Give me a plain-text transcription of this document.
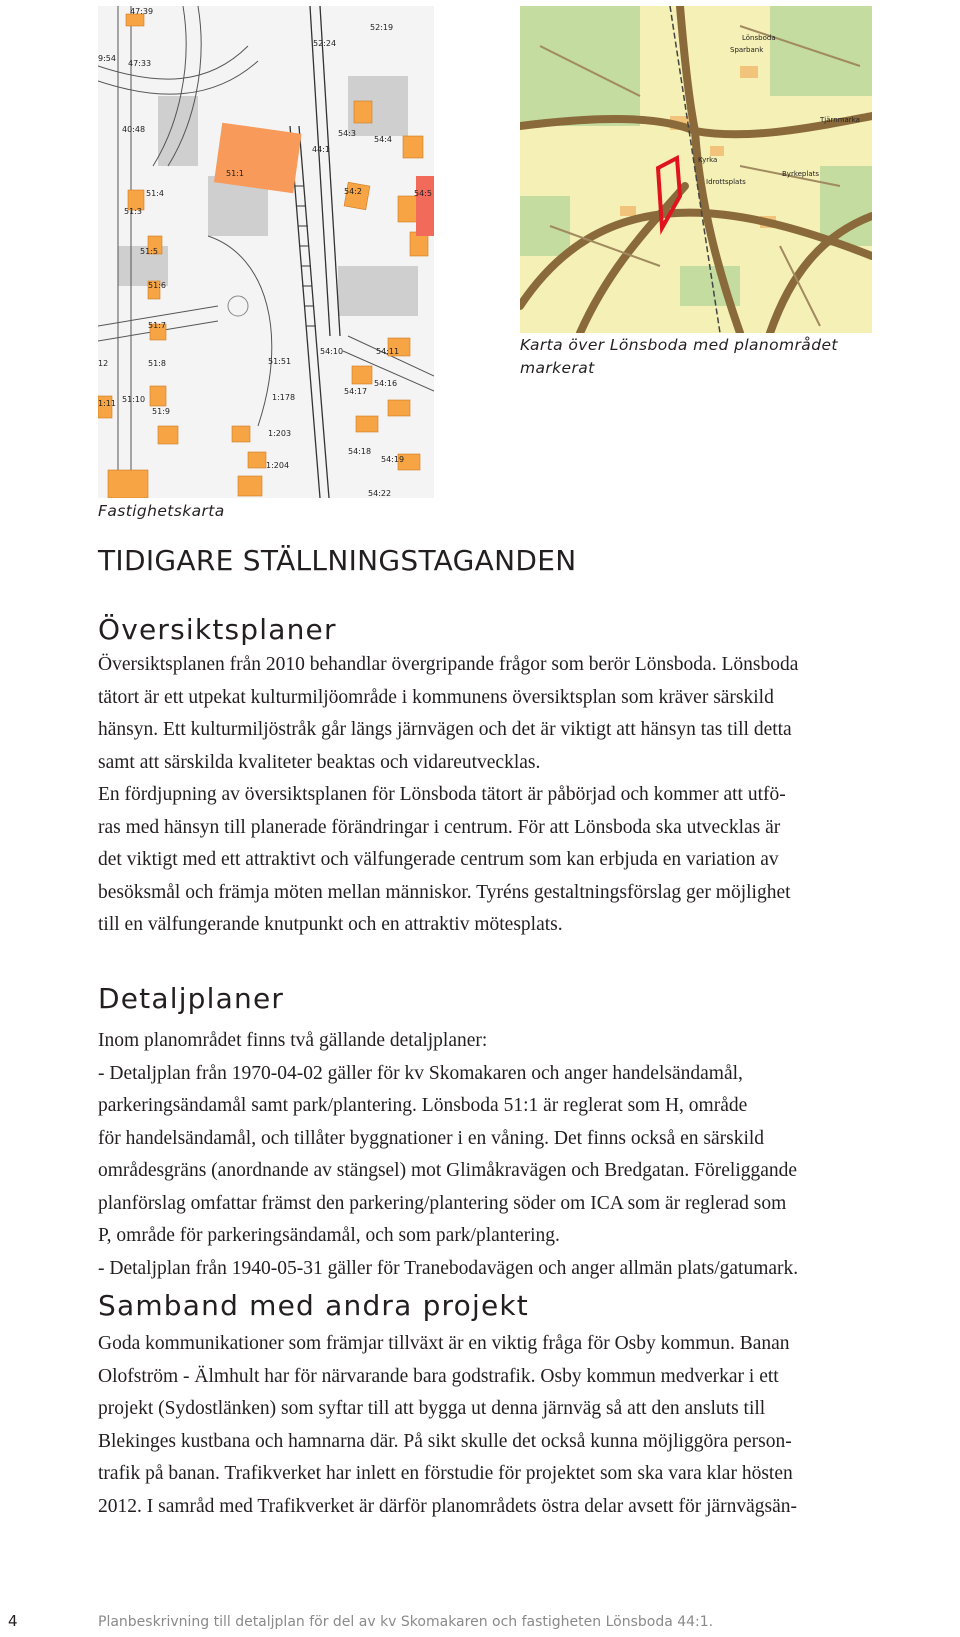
47:39
47:33
9:54
52:19
52:24
40:48
51:1
54:3
54:4
44:1
51:3
54:2	54:5
51:4
51:5
51:6
51:7
51:8	51:51
51:10
51:9
54:10	54:11
54:16
54:17
1:178
1:203
54:18
54:19
1:204
54:22
1:11
12
Lönsboda
Sparbank
Kyrka
Idrottsplats
Byrkeplats
Tjärnmarka
Karta över Lönsboda med planområdet markerat
Fastighetskarta
TIDIGARE STÄLLNINGSTAGANDEN
Översiktsplaner
Översiktsplanen från 2010 behandlar övergripande frågor som berör Lönsboda. Lönsboda
tätort är ett utpekat kulturmiljöområde i kommunens översiktsplan som kräver särskild
hänsyn. Ett kulturmiljöstråk går längs järnvägen och det är viktigt att hänsyn tas till detta
samt att särskilda kvaliteter beaktas och vidareutvecklas.
En fördjupning av översiktsplanen för Lönsboda tätort är påbörjad och kommer att utfö-
ras med hänsyn till planerade förändringar i centrum. För att Lönsboda ska utvecklas är
det viktigt med ett attraktivt och välfungerade centrum som kan erbjuda en variation av
besöksmål och främja möten mellan människor. Tyréns gestaltningsförslag ger möjlighet
till en välfungerande knutpunkt och en attraktiv mötesplats.
Detaljplaner
Inom planområdet finns två gällande detaljplaner:
- Detaljplan från 1970-04-02 gäller för kv Skomakaren och anger handelsändamål,
parkeringsändamål samt park/plantering. Lönsboda 51:1 är reglerat som H, område
för handelsändamål, och tillåter byggnationer i en våning. Det finns också en särskild
områdesgräns (anordnande av stängsel) mot Glimåkravägen och Bredgatan. Föreliggande
planförslag omfattar främst den parkering/plantering söder om ICA som är reglerad som
P, område för parkeringsändamål, och som park/plantering.
- Detaljplan från 1940-05-31 gäller för Tranebodavägen och anger allmän plats/gatumark.
Samband med andra projekt
Goda kommunikationer som främjar tillväxt är en viktig fråga för Osby kommun. Banan
Olofström - Älmhult har för närvarande bara godstrafik. Osby kommun medverkar i ett
projekt (Sydostlänken) som syftar till att bygga ut denna järnväg så att den ansluts till
Blekinges kustbana och hamnarna där. På sikt skulle det också kunna möjliggöra person-
trafik på banan. Trafikverket har inlett en förstudie för projektet som ska vara klar hösten
2012. I samråd med Trafikverket är därför planområdets östra delar avsett för järnvägsän-
4	Planbeskrivning till detaljplan för del av kv Skomakaren och fastigheten Lönsboda 44:1.
